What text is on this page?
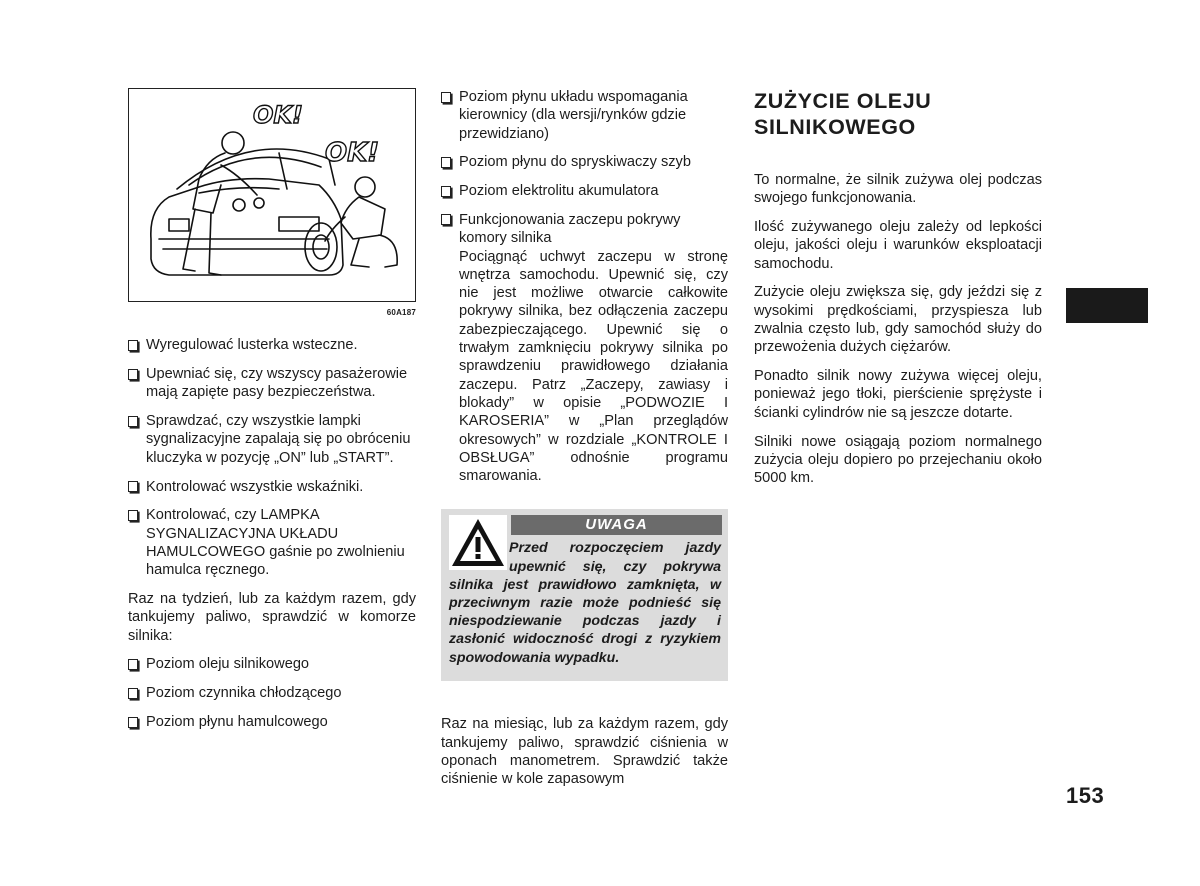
OK!
OK!
60A187
Wyregulować lusterka wsteczne.
Upewniać się, czy wszyscy pasażerowie mają zapięte pasy bezpieczeństwa.
Sprawdzać, czy wszystkie lampki sygnalizacyjne zapalają się po obróceniu kluczyka w pozycję „ON” lub „START”.
Kontrolować wszystkie wskaźniki.
Kontrolować, czy LAMPKA SYGNALIZACYJNA UKŁADU HAMULCOWEGO gaśnie po zwolnieniu hamulca ręcznego.

Raz na tydzień, lub za każdym razem, gdy tankujemy paliwo, sprawdzić w komorze silnika:

Poziom oleju silnikowego
Poziom czynnika chłodzącego
Poziom płynu hamulcowego
Poziom płynu układu wspomagania kierownicy (dla wersji/rynków gdzie przewidziano)
Poziom płynu do spryskiwaczy szyb
Poziom elektrolitu akumulatora
Funkcjonowania zaczepu pokrywy komory silnika
Pociągnąć uchwyt zaczepu w stronę wnętrza samochodu. Upewnić się, czy nie jest możliwe otwarcie całkowite pokrywy silnika, bez odłączenia zaczepu zabezpieczającego. Upewnić się o trwałym zamknięciu pokrywy silnika po sprawdzeniu prawidłowego działania zaczepu. Patrz „Zaczepy, zawiasy i blokady” w opisie „PODWOZIE I KAROSERIA” w „Plan przeglądów okresowych” w rozdziale „KONTROLE I OBSŁUGA” odnośnie programu smarowania.
UWAGA
Przed rozpoczęciem jazdy upewnić się, czy pokrywa silnika jest prawidłowo zamknięta, w przeciwnym razie może podnieść się niespodziewanie podczas jazdy i zasłonić widoczność drogi z ryzykiem spowodowania wypadku.

Raz na miesiąc, lub za każdym razem, gdy tankujemy paliwo, sprawdzić ciśnienia w oponach manometrem. Sprawdzić także ciśnienie w kole zapasowym

ZUŻYCIE OLEJU SILNIKOWEGO

To normalne, że silnik zużywa olej podczas swojego funkcjonowania.

Ilość zużywanego oleju zależy od lepkości oleju, jakości oleju i warunków eksploatacji samochodu.

Zużycie oleju zwiększa się, gdy jeździ się z wysokimi prędkościami, przyspiesza lub zwalnia często lub, gdy samochód służy do przewożenia dużych ciężarów.

Ponadto silnik nowy zużywa więcej oleju, ponieważ jego tłoki, pierścienie sprężyste i ścianki cylindrów nie są jeszcze dotarte.

Silniki nowe osiągają poziom normalnego zużycia oleju dopiero po przejechaniu około 5000 km.

153
